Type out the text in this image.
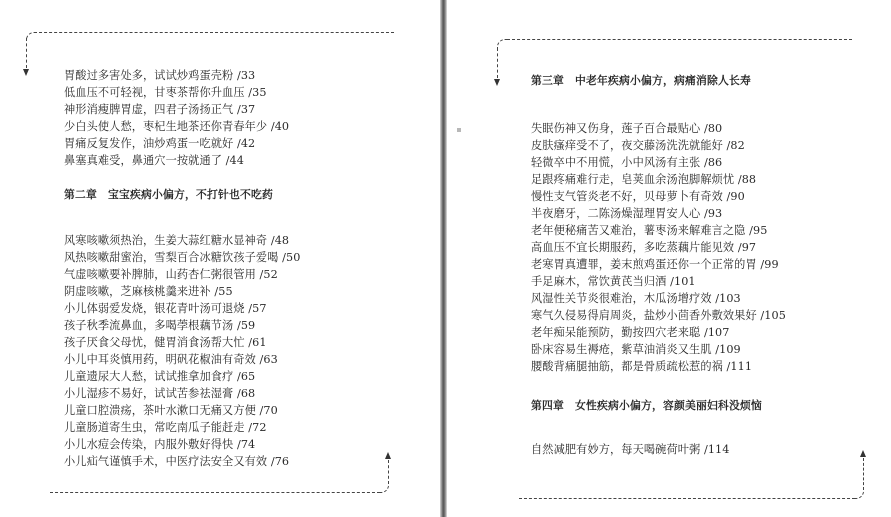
胃酸过多害处多，试试炒鸡蛋壳粉 /33
低血压不可轻视，甘枣茶帮你升血压 /35
神形消瘦脾胃虚，四君子汤扬正气 /37
少白头使人愁，枣杞生地茶还你青春年少 /40
胃痛反复发作，油炒鸡蛋一吃就好 /42
鼻塞真难受，鼻通穴一按就通了 /44
第二章　宝宝疾病小偏方，不打针也不吃药
风寒咳嗽须热治，生姜大蒜红糖水显神奇 /48
风热咳嗽甜蜜治，雪梨百合冰糖饮孩子爱喝 /50
气虚咳嗽要补脾肺，山药杏仁粥很管用 /52
阴虚咳嗽，芝麻核桃羹来进补 /55
小儿体弱爱发烧，银花青叶汤可退烧 /57
孩子秋季流鼻血，多喝荸根藕节汤 /59
孩子厌食父母忧，健胃消食汤帮大忙 /61
小儿中耳炎慎用药，明矾花椒油有奇效 /63
儿童遗尿大人愁，试试推拿加食疗 /65
小儿湿疹不易好，试试苦参祛湿膏 /68
儿童口腔溃疡，茶叶水漱口无痛又方便 /70
儿童肠道寄生虫，常吃南瓜子能赶走 /72
小儿水痘会传染，内服外敷好得快 /74
小儿疝气谨慎手术，中医疗法安全又有效 /76
第三章　中老年疾病小偏方，病痛消除人长寿
失眠伤神又伤身，莲子百合最贴心 /80
皮肤瘙痒受不了，夜交藤汤洗洗就能好 /82
轻微卒中不用慌，小中风汤有主张 /86
足跟疼痛难行走，皂荚血余汤泡脚解烦忧 /88
慢性支气管炎老不好，贝母萝卜有奇效 /90
半夜磨牙，二陈汤燥湿理胃安人心 /93
老年便秘痛苦又难治，薯枣汤来解难言之隐 /95
高血压不宜长期服药，多吃蒸藕片能见效 /97
老寒胃真遭罪，姜末煎鸡蛋还你一个正常的胃 /99
手足麻木，常饮黄芪当归酒 /101
风湿性关节炎很难治，木瓜汤增疗效 /103
寒气久侵易得肩周炎，盐炒小茴香外敷效果好 /105
老年痴呆能预防，勤按四穴老来聪 /107
卧床容易生褥疮，紫草油消炎又生肌 /109
腰酸背痛腿抽筋，都是骨质疏松惹的祸 /111
第四章　女性疾病小偏方，容颜美丽妇科没烦恼
自然减肥有妙方，每天喝碗荷叶粥 /114
